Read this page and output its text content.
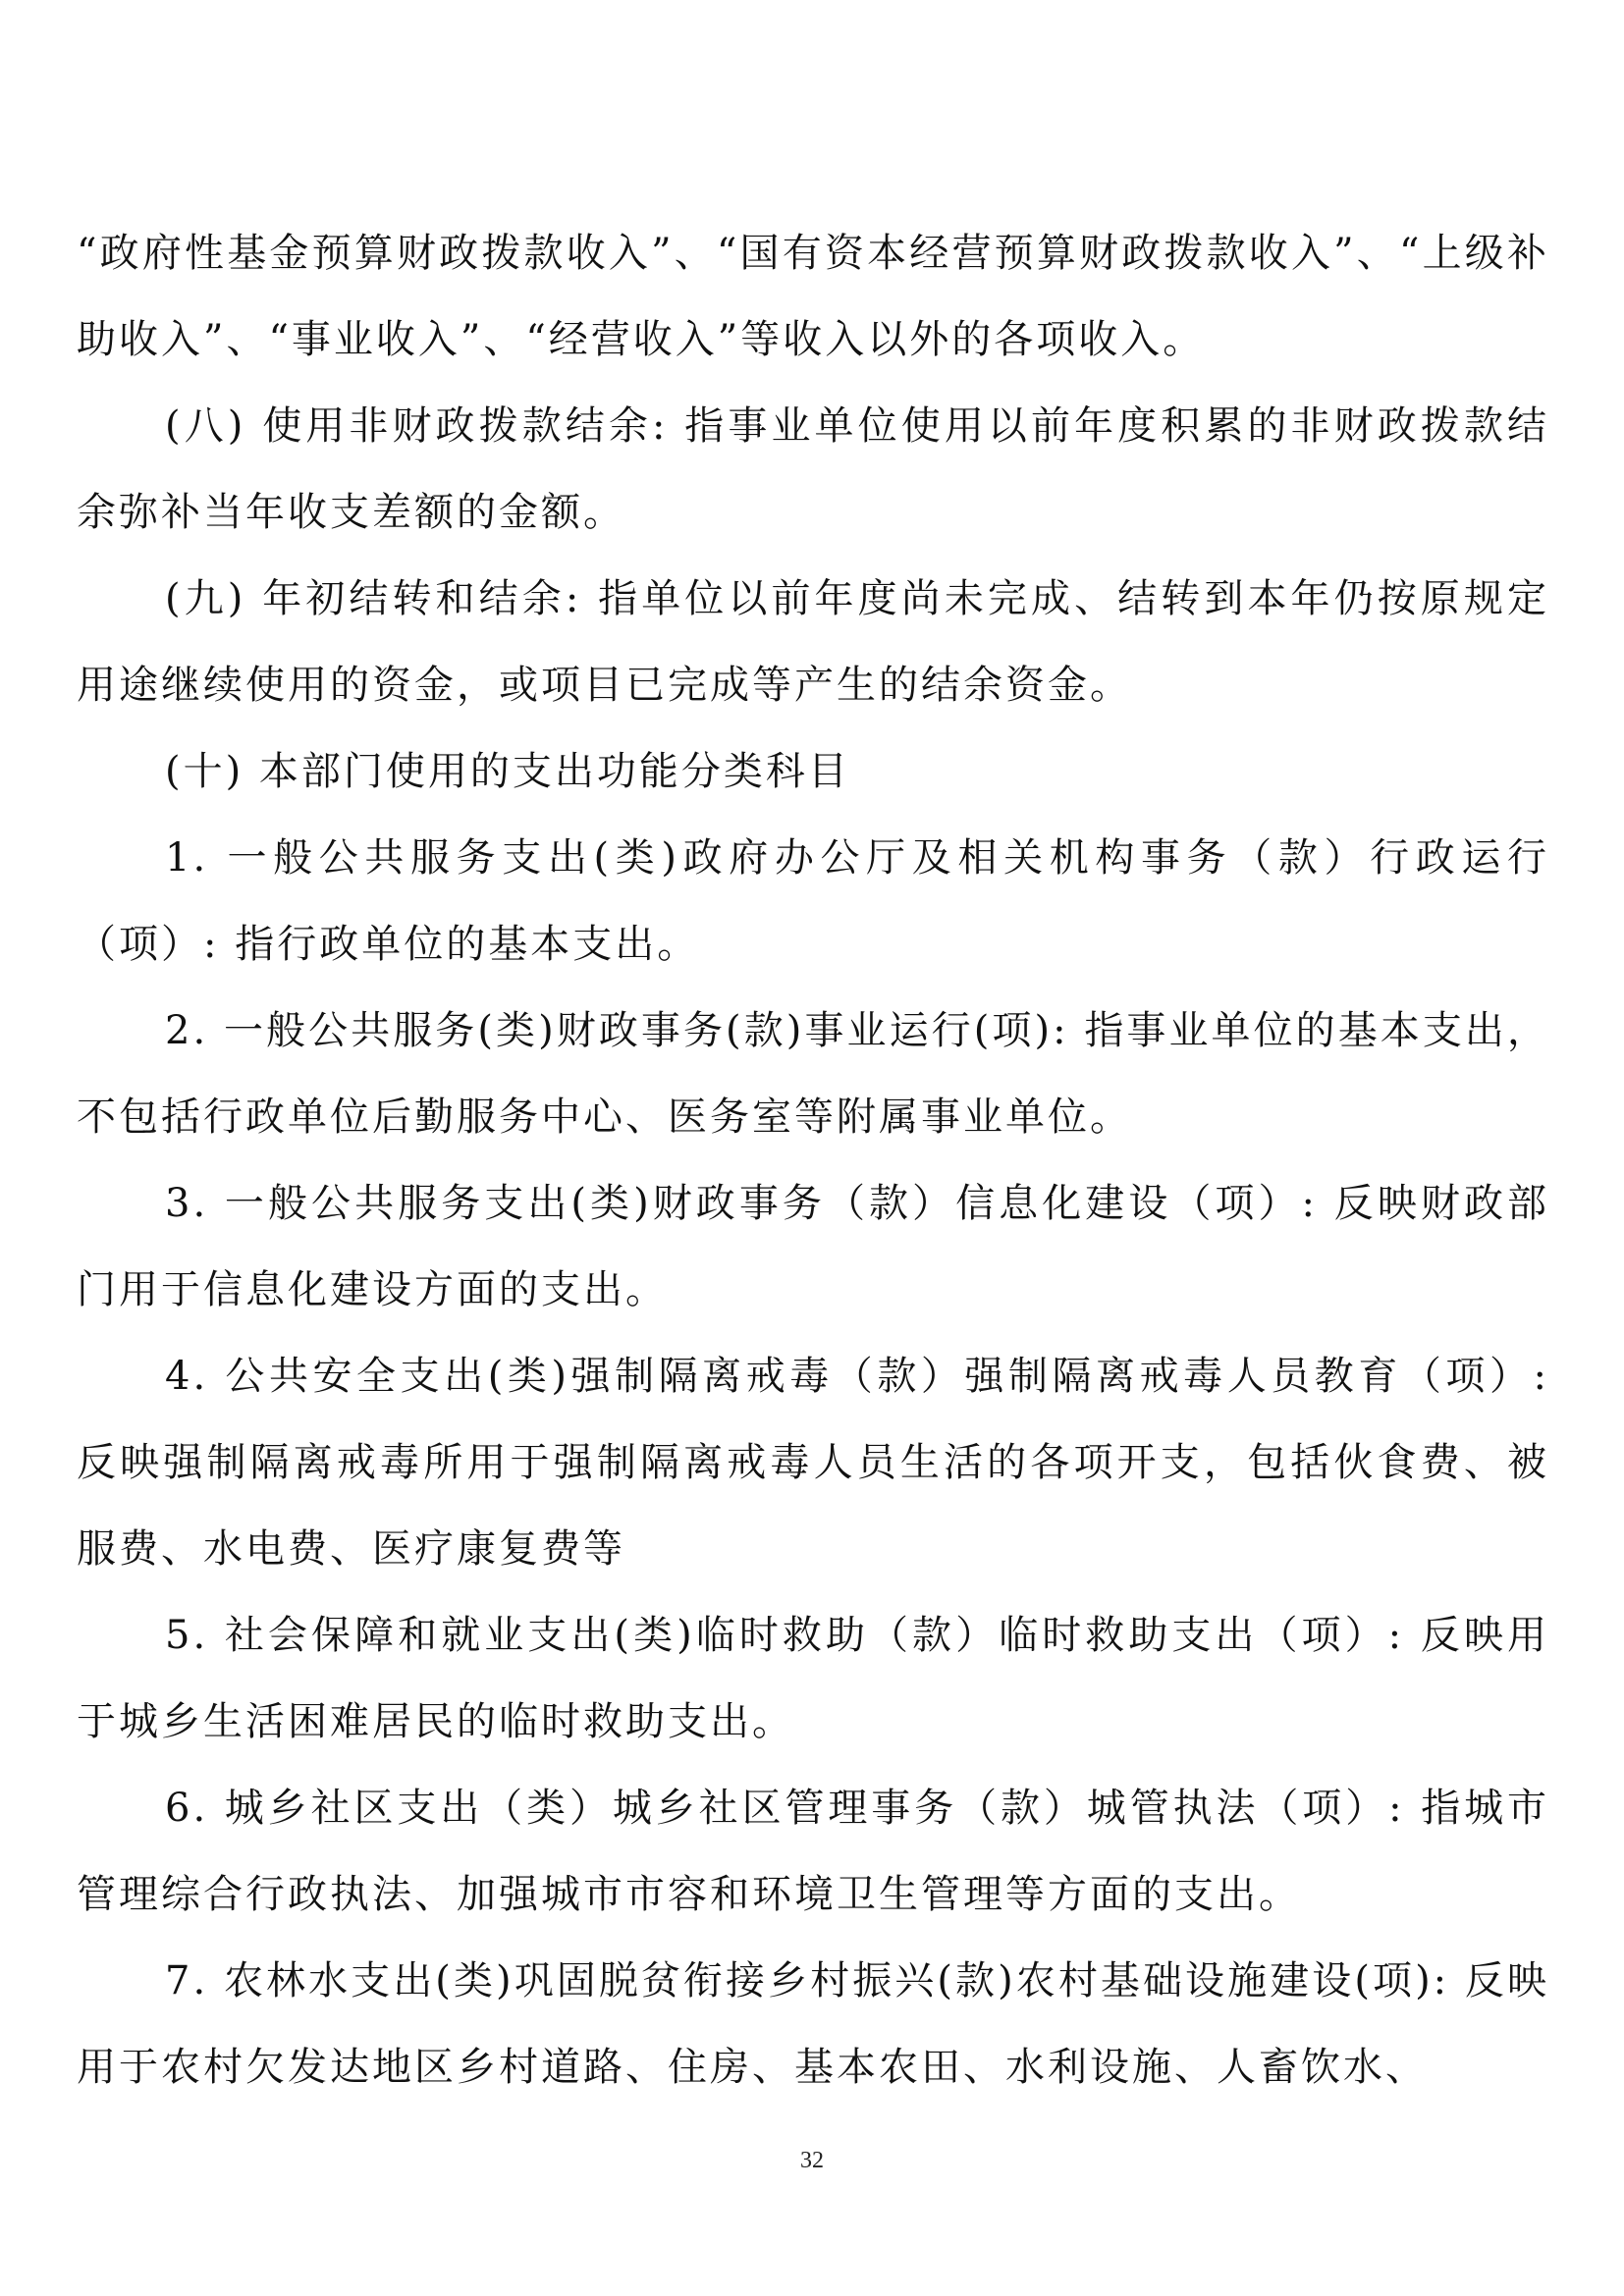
“政府性基金预算财政拨款收入”、“国有资本经营预算财政拨款收入”、“上级补助收入”、“事业收入”、“经营收入”等收入以外的各项收入。

(八) 使用非财政拨款结余: 指事业单位使用以前年度积累的非财政拨款结余弥补当年收支差额的金额。

(九) 年初结转和结余: 指单位以前年度尚未完成、结转到本年仍按原规定用途继续使用的资金，或项目已完成等产生的结余资金。

(十) 本部门使用的支出功能分类科目

1. 一般公共服务支出(类)政府办公厅及相关机构事务（款）行政运行（项）: 指行政单位的基本支出。

2. 一般公共服务(类)财政事务(款)事业运行(项): 指事业单位的基本支出，不包括行政单位后勤服务中心、医务室等附属事业单位。

3. 一般公共服务支出(类)财政事务（款）信息化建设（项）: 反映财政部门用于信息化建设方面的支出。

4. 公共安全支出(类)强制隔离戒毒（款）强制隔离戒毒人员教育（项）: 反映强制隔离戒毒所用于强制隔离戒毒人员生活的各项开支，包括伙食费、被服费、水电费、医疗康复费等

5. 社会保障和就业支出(类)临时救助（款）临时救助支出（项）: 反映用于城乡生活困难居民的临时救助支出。

6. 城乡社区支出（类）城乡社区管理事务（款）城管执法（项）: 指城市管理综合行政执法、加强城市市容和环境卫生管理等方面的支出。

7. 农林水支出(类)巩固脱贫衔接乡村振兴(款)农村基础设施建设(项): 反映用于农村欠发达地区乡村道路、住房、基本农田、水利设施、人畜饮水、

32
